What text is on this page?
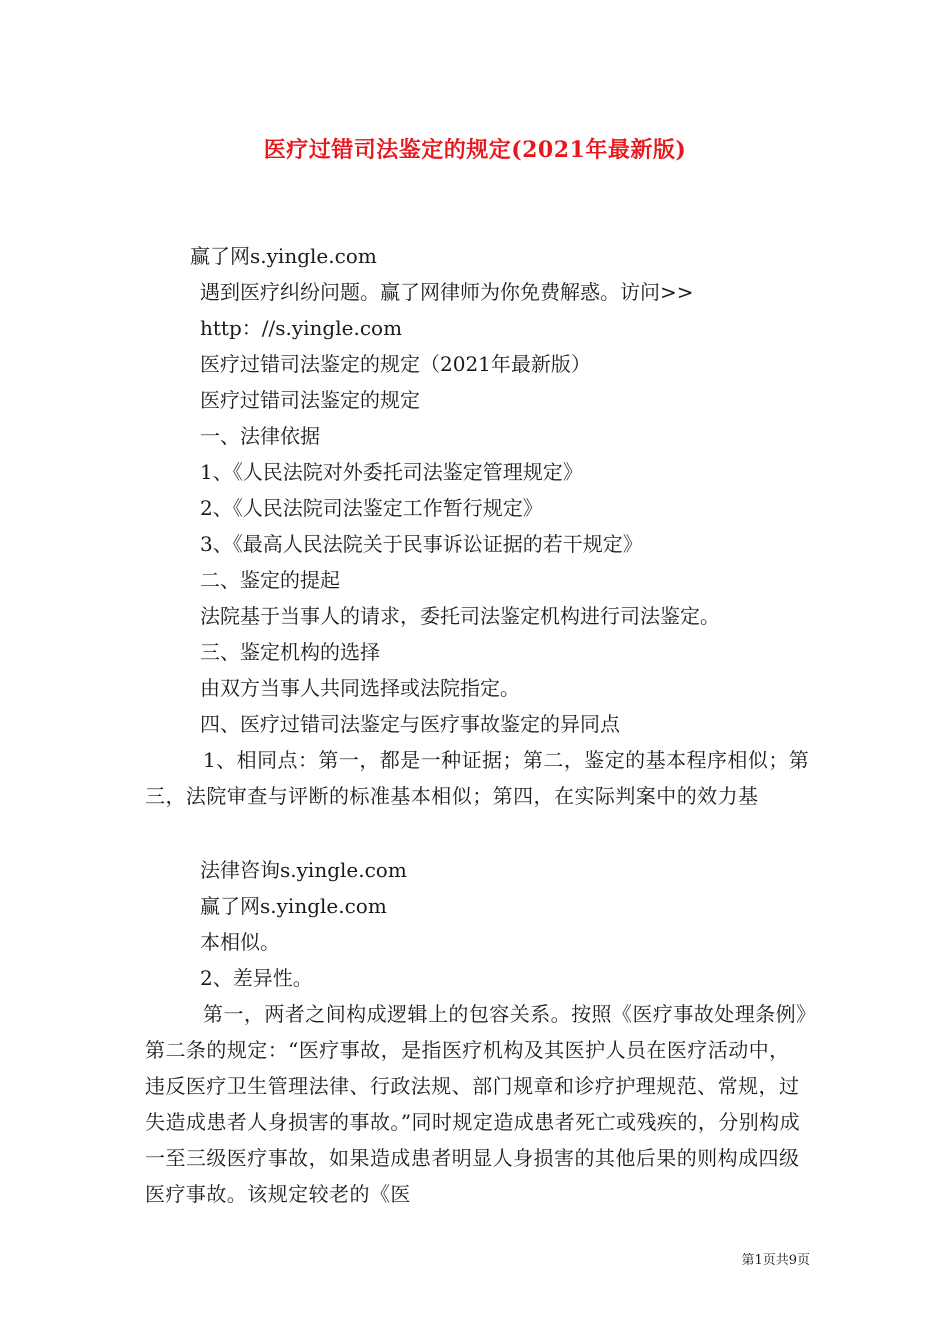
医疗过错司法鉴定的规定(2021年最新版)
赢了网s.yingle.com
遇到医疗纠纷问题。赢了网律师为你免费解惑。访问>>
http：//s.yingle.com
医疗过错司法鉴定的规定（2021年最新版）
医疗过错司法鉴定的规定
一、法律依据
1、《人民法院对外委托司法鉴定管理规定》
2、《人民法院司法鉴定工作暂行规定》
3、《最高人民法院关于民事诉讼证据的若干规定》
二、鉴定的提起
法院基于当事人的请求，委托司法鉴定机构进行司法鉴定。
三、鉴定机构的选择
由双方当事人共同选择或法院指定。
四、医疗过错司法鉴定与医疗事故鉴定的异同点
1、相同点：第一，都是一种证据；第二，鉴定的基本程序相似；第三，法院审查与评断的标准基本相似；第四，在实际判案中的效力基
法律咨询s.yingle.com
赢了网s.yingle.com
本相似。
2、差异性。
第一，两者之间构成逻辑上的包容关系。按照《医疗事故处理条例》第二条的规定：“医疗事故，是指医疗机构及其医护人员在医疗活动中，违反医疗卫生管理法律、行政法规、部门规章和诊疗护理规范、常规，过失造成患者人身损害的事故。”同时规定造成患者死亡或残疾的，分别构成一至三级医疗事故，如果造成患者明显人身损害的其他后果的则构成四级医疗事故。该规定较老的《医
第1页共9页
